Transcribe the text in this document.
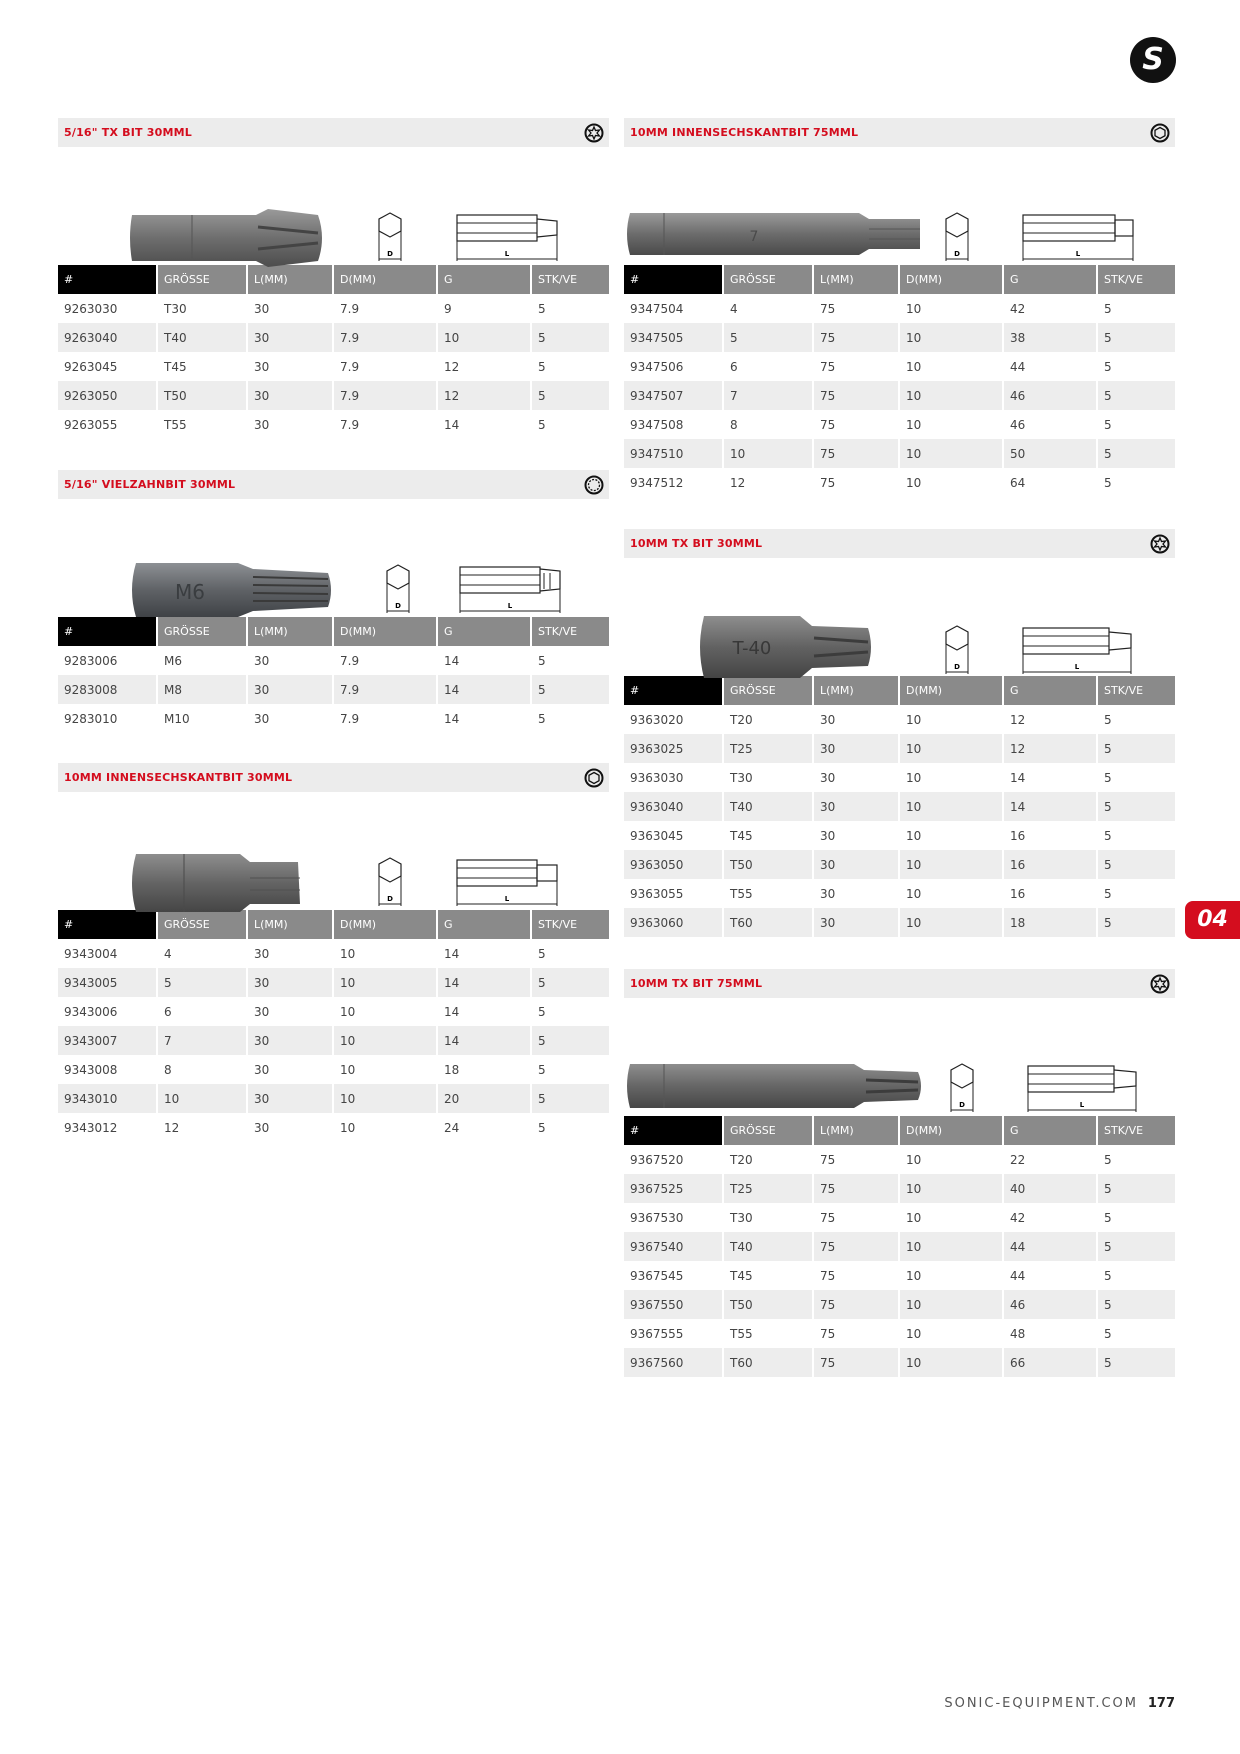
S
5/16" TX BIT 30MML
D	L
#	GRÖSSE	L(MM)	D(MM)	G	STK/VE
9263030	T30	30	7.9	9	5
9263040	T40	30	7.9	10	5
9263045	T45	30	7.9	12	5
9263050	T50	30	7.9	12	5
9263055	T55	30	7.9	14	5
5/16" VIELZAHNBIT 30MML
M6
D	L
#	GRÖSSE	L(MM)	D(MM)	G	STK/VE
9283006	M6	30	7.9	14	5
9283008	M8	30	7.9	14	5
9283010	M10	30	7.9	14	5
10MM INNENSECHSKANTBIT 30MML
D	L
#	GRÖSSE	L(MM)	D(MM)	G	STK/VE
9343004	4	30	10	14	5
9343005	5	30	10	14	5
9343006	6	30	10	14	5
9343007	7	30	10	14	5
9343008	8	30	10	18	5
9343010	10	30	10	20	5
9343012	12	30	10	24	5
10MM INNENSECHSKANTBIT 75MML
7
D	L
#	GRÖSSE	L(MM)	D(MM)	G	STK/VE
9347504	4	75	10	42	5
9347505	5	75	10	38	5
9347506	6	75	10	44	5
9347507	7	75	10	46	5
9347508	8	75	10	46	5
9347510	10	75	10	50	5
9347512	12	75	10	64	5
10MM TX BIT 30MML
T-40
D	L
#	GRÖSSE	L(MM)	D(MM)	G	STK/VE
9363020	T20	30	10	12	5
9363025	T25	30	10	12	5
9363030	T30	30	10	14	5
9363040	T40	30	10	14	5
9363045	T45	30	10	16	5
9363050	T50	30	10	16	5
9363055	T55	30	10	16	5
9363060	T60	30	10	18	5
10MM TX BIT 75MML
D	L
#	GRÖSSE	L(MM)	D(MM)	G	STK/VE
9367520	T20	75	10	22	5
9367525	T25	75	10	40	5
9367530	T30	75	10	42	5
9367540	T40	75	10	44	5
9367545	T45	75	10	44	5
9367550	T50	75	10	46	5
9367555	T55	75	10	48	5
9367560	T60	75	10	66	5
04
SONIC-EQUIPMENT.COM 177
